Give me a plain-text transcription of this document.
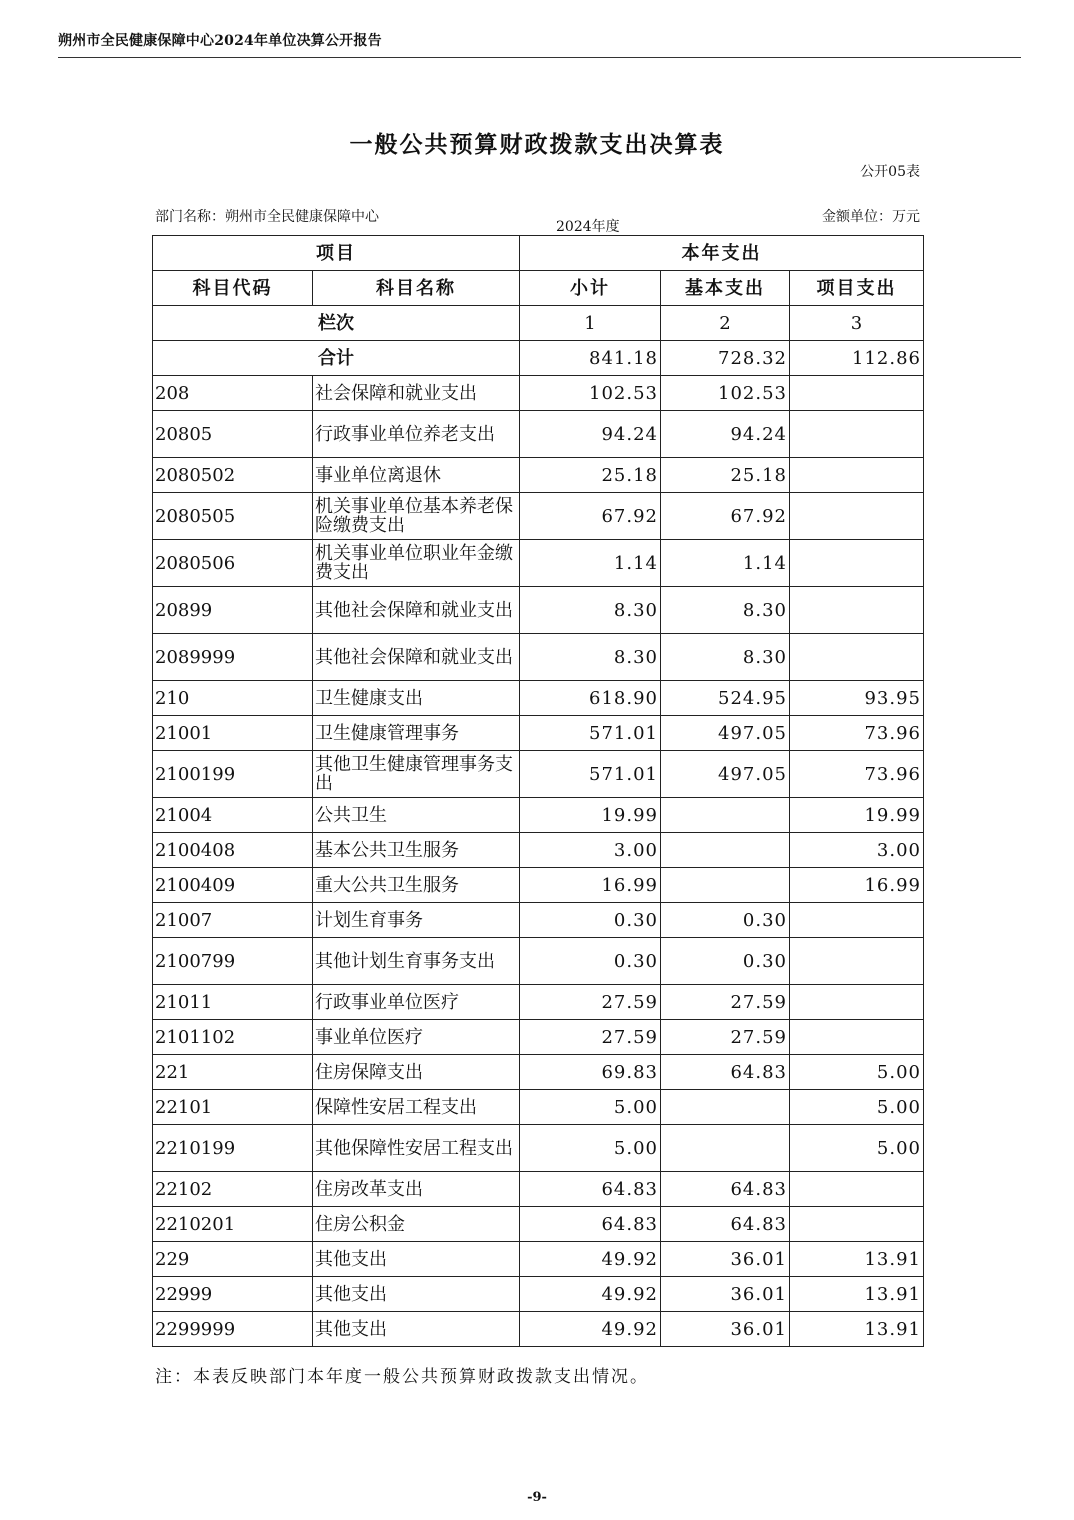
朔州市全民健康保障中心2024年单位决算公开报告
一般公共预算财政拨款支出决算表
公开05表
部门名称：朔州市全民健康保障中心
2024年度
金额单位：万元
项目		本年支出		
科目代码	科目名称	小计	基本支出	项目支出
栏次		1	2	3
合计		841.18	728.32	112.86
208	社会保障和就业支出	102.53	102.53	
20805	行政事业单位养老支出	94.24	94.24	
2080502	事业单位离退休	25.18	25.18	
2080505	机关事业单位基本养老保险缴费支出	67.92	67.92	
2080506	机关事业单位职业年金缴费支出	1.14	1.14	
20899	其他社会保障和就业支出	8.30	8.30	
2089999	其他社会保障和就业支出	8.30	8.30	
210	卫生健康支出	618.90	524.95	93.95
21001	卫生健康管理事务	571.01	497.05	73.96
2100199	其他卫生健康管理事务支出	571.01	497.05	73.96
21004	公共卫生	19.99		19.99
2100408	基本公共卫生服务	3.00		3.00
2100409	重大公共卫生服务	16.99		16.99
21007	计划生育事务	0.30	0.30	
2100799	其他计划生育事务支出	0.30	0.30	
21011	行政事业单位医疗	27.59	27.59	
2101102	事业单位医疗	27.59	27.59	
221	住房保障支出	69.83	64.83	5.00
22101	保障性安居工程支出	5.00		5.00
2210199	其他保障性安居工程支出	5.00		5.00
22102	住房改革支出	64.83	64.83	
2210201	住房公积金	64.83	64.83	
229	其他支出	49.92	36.01	13.91
22999	其他支出	49.92	36.01	13.91
2299999	其他支出	49.92	36.01	13.91
注：本表反映部门本年度一般公共预算财政拨款支出情况。
-9-
